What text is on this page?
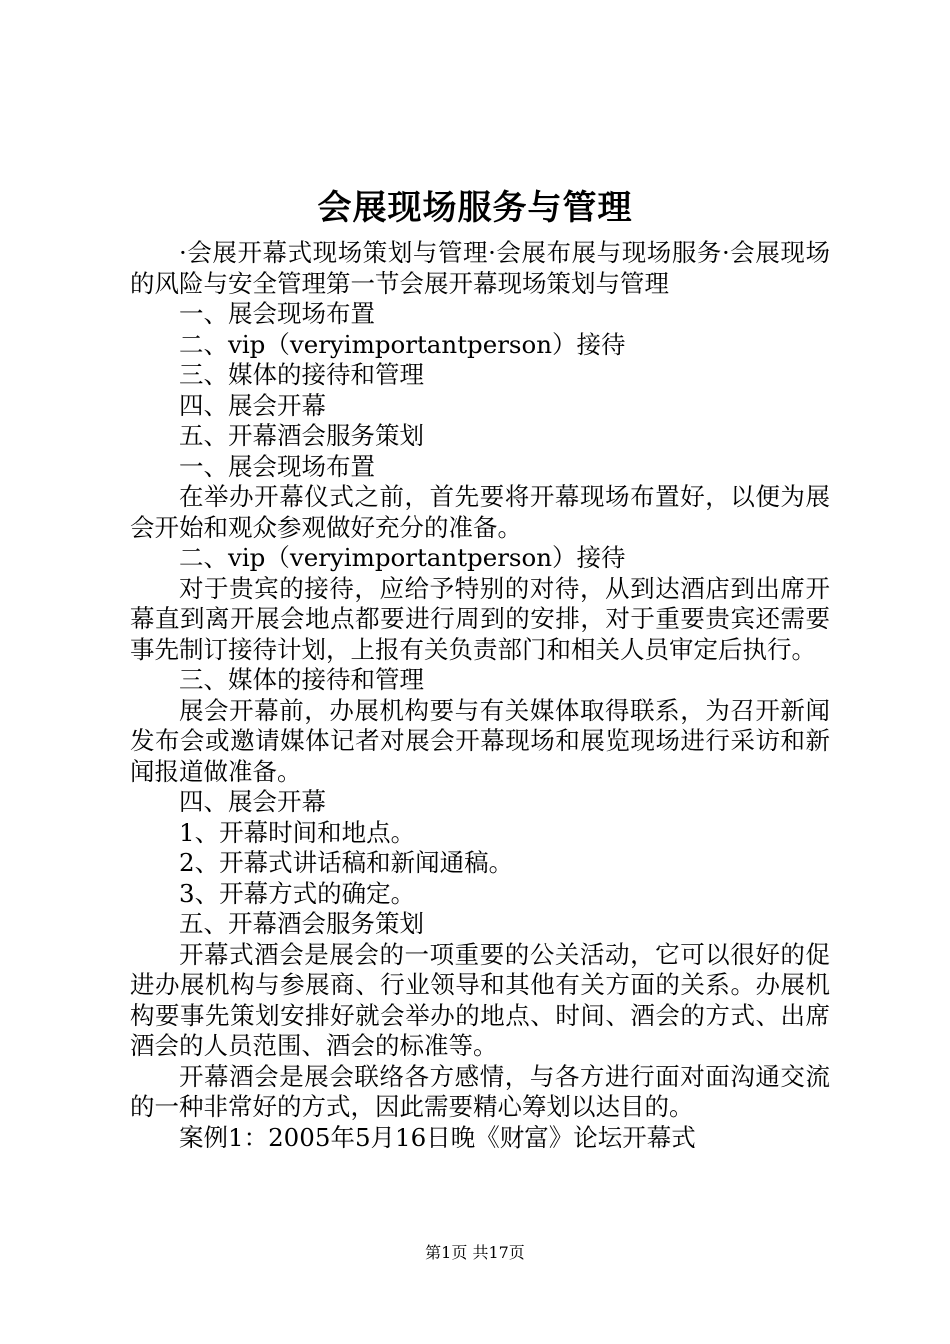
会展现场服务与管理

·会展开幕式现场策划与管理·会展布展与现场服务·会展现场的风险与安全管理第一节会展开幕现场策划与管理

一、展会现场布置

二、vip（veryimportantperson）接待

三、媒体的接待和管理

四、展会开幕

五、开幕酒会服务策划

一、展会现场布置

在举办开幕仪式之前，首先要将开幕现场布置好，以便为展会开始和观众参观做好充分的准备。

二、vip（veryimportantperson）接待

对于贵宾的接待，应给予特别的对待，从到达酒店到出席开幕直到离开展会地点都要进行周到的安排，对于重要贵宾还需要事先制订接待计划，上报有关负责部门和相关人员审定后执行。

三、媒体的接待和管理

展会开幕前，办展机构要与有关媒体取得联系，为召开新闻发布会或邀请媒体记者对展会开幕现场和展览现场进行采访和新闻报道做准备。

四、展会开幕

1、开幕时间和地点。

2、开幕式讲话稿和新闻通稿。

3、开幕方式的确定。

五、开幕酒会服务策划

开幕式酒会是展会的一项重要的公关活动，它可以很好的促进办展机构与参展商、行业领导和其他有关方面的关系。办展机构要事先策划安排好就会举办的地点、时间、酒会的方式、出席酒会的人员范围、酒会的标准等。

开幕酒会是展会联络各方感情，与各方进行面对面沟通交流的一种非常好的方式，因此需要精心筹划以达目的。

案例1：2005年5月16日晚《财富》论坛开幕式

第1页 共17页
